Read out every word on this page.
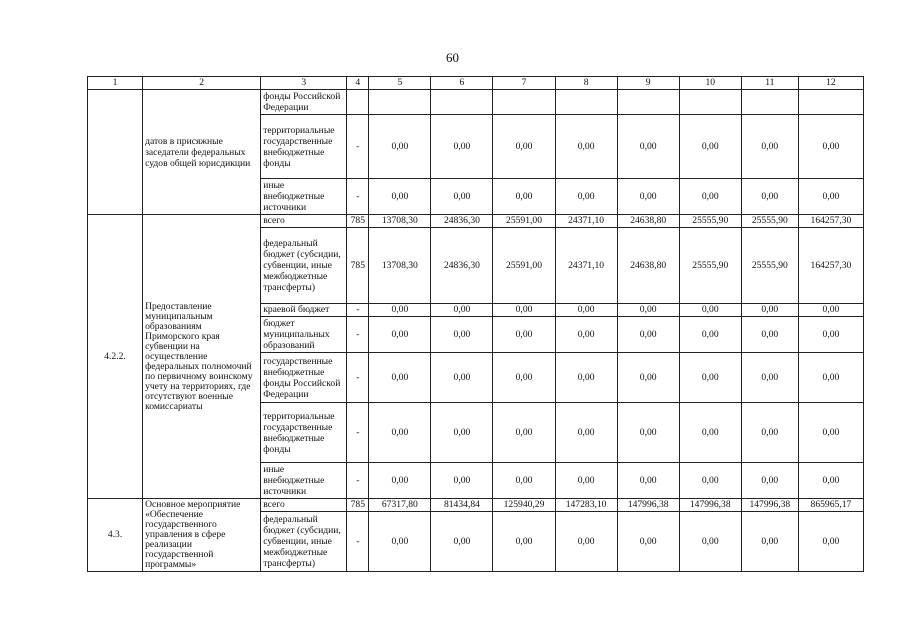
60
1	2	3	4	5	6	7	8	9	10	11	12

	датов в присяжные заседатели федеральных судов общей юрисдикции	фонды Российской Федерации									
		территориальные государственные внебюджетные фонды	-	0,00	0,00	0,00	0,00	0,00	0,00	0,00	0,00
		иные внебюджетные источники	-	0,00	0,00	0,00	0,00	0,00	0,00	0,00	0,00
4.2.2.	Предоставление муниципальным образованиям Приморского края субвенции на осуществление федеральных полномочий по первичному воинскому учету на территориях, где отсутствуют военные комиссариаты	всего	785	13708,30	24836,30	25591,00	24371,10	24638,80	25555,90	25555,90	164257,30
		федеральный бюджет (субсидии, субвенции, иные межбюджетные трансферты)	785	13708,30	24836,30	25591,00	24371,10	24638,80	25555,90	25555,90	164257,30
		краевой бюджет	-	0,00	0,00	0,00	0,00	0,00	0,00	0,00	0,00
		бюджет муниципальных образований	-	0,00	0,00	0,00	0,00	0,00	0,00	0,00	0,00
		государственные внебюджетные фонды Российской Федерации	-	0,00	0,00	0,00	0,00	0,00	0,00	0,00	0,00
		территориальные государственные внебюджетные фонды	-	0,00	0,00	0,00	0,00	0,00	0,00	0,00	0,00
		иные внебюджетные источники	-	0,00	0,00	0,00	0,00	0,00	0,00	0,00	0,00
4.3.	Основное мероприятие «Обеспечение государственного управления в сфере реализации государственной программы»	всего	785	67317,80	81434,84	125940,29	147283,10	147996,38	147996,38	147996,38	865965,17
		федеральный бюджет (субсидии, субвенции, иные межбюджетные трансферты)	-	0,00	0,00	0,00	0,00	0,00	0,00	0,00	0,00
